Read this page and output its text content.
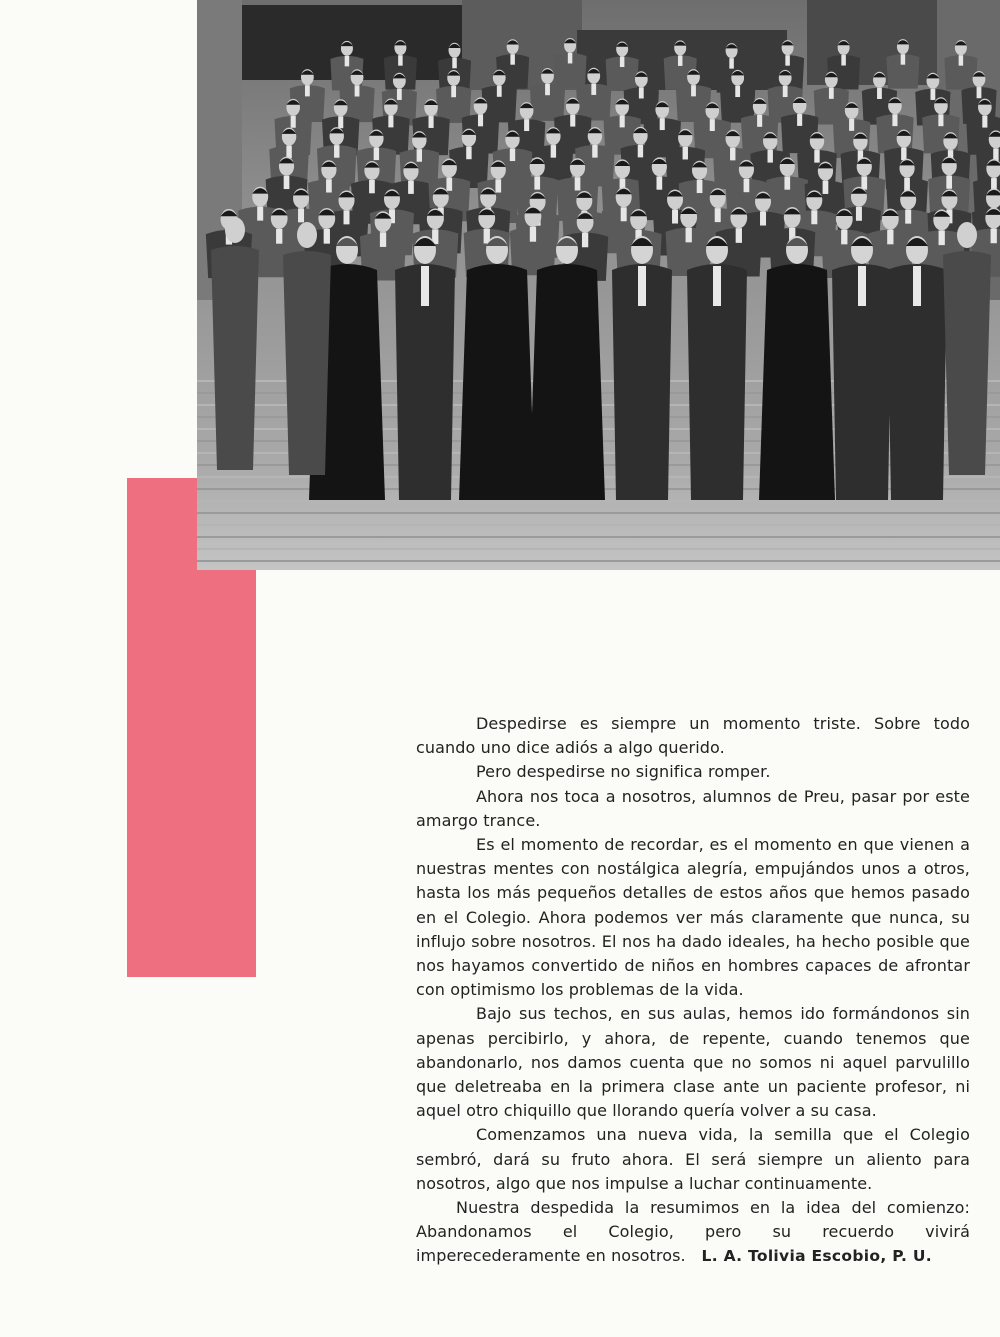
Despedirse es siempre un momento triste. Sobre todo cuando uno dice adiós a algo querido.

Pero despedirse no significa romper.

Ahora nos toca a nosotros, alumnos de Preu, pasar por este amargo trance.

Es el momento de recordar, es el momento en que vienen a nuestras mentes con nostálgica alegría, empujándos unos a otros, hasta los más pequeños detalles de estos años que hemos pasado en el Colegio. Ahora podemos ver más claramente que nunca, su influjo sobre nosotros. El nos ha dado ideales, ha hecho posible que nos hayamos convertido de niños en hombres capaces de afrontar con optimismo los problemas de la vida.

Bajo sus techos, en sus aulas, hemos ido formándonos sin apenas percibirlo, y ahora, de repente, cuando tenemos que abandonarlo, nos damos cuenta que no somos ni aquel parvulillo que deletreaba en la primera clase ante un paciente profesor, ni aquel otro chiquillo que llorando quería volver a su casa.

Comenzamos una nueva vida, la semilla que el Colegio sembró, dará su fruto ahora. El será siempre un aliento para nosotros, algo que nos impulse a luchar continuamente.

Nuestra despedida la resumimos en la idea del comienzo: Abandonamos el Colegio, pero su recuerdo vivirá imperecederamente en nosotros.	L. A. Tolivia Escobio, P. U.
